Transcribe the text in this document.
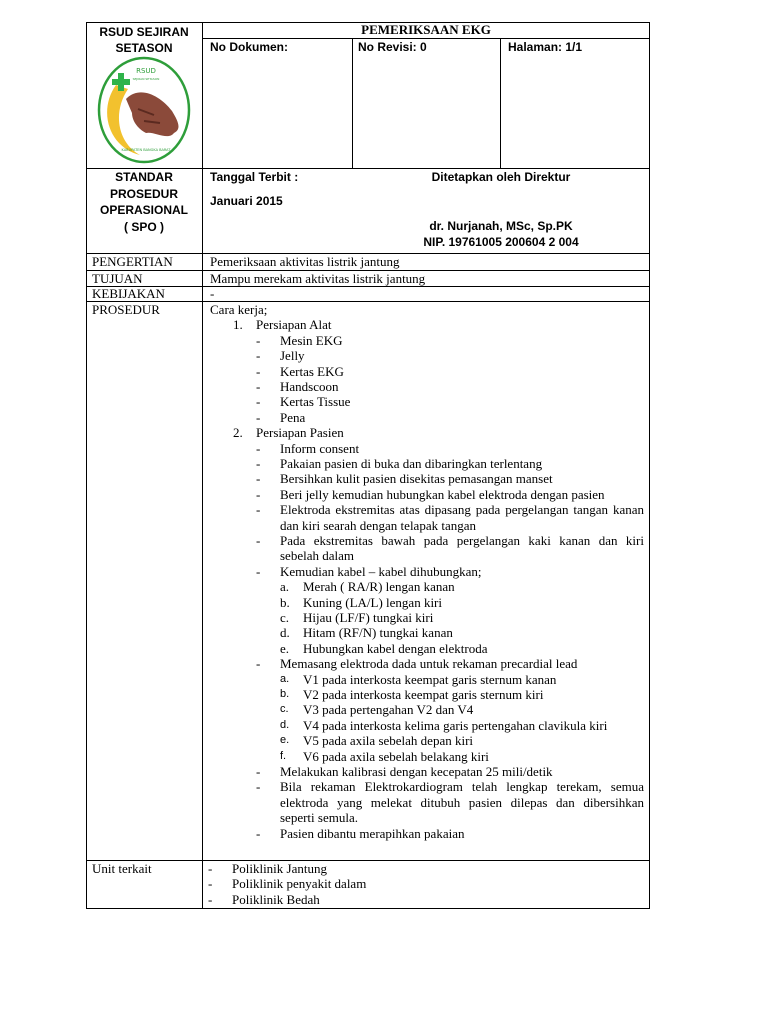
RSUD SEJIRAN SETASON
RSUD
SEJIRAN SETASON
KABUPATEN BANGKA BARAT
PEMERIKSAAN EKG
No Dokumen:	No Revisi: 0	Halaman: 1/1
STANDAR
PROSEDUR
OPERASIONAL
( SPO )
Tanggal Terbit :
Januari 2015
Ditetapkan oleh Direktur
dr. Nurjanah, MSc, Sp.PK
NIP. 19761005 200604 2 004
PENGERTIAN	Pemeriksaan aktivitas listrik jantung
TUJUAN	Mampu merekam aktivitas listrik jantung
KEBIJAKAN	-
PROSEDUR	Cara kerja;
1. Persiapan Alat
- Mesin EKG
- Jelly
- Kertas EKG
- Handscoon
- Kertas Tissue
- Pena
2. Persiapan Pasien
- Inform consent
- Pakaian pasien di buka dan dibaringkan terlentang
- Bersihkan kulit pasien disekitas pemasangan manset
- Beri jelly kemudian hubungkan kabel elektroda dengan pasien
- Elektroda ekstremitas atas dipasang pada pergelangan tangan kanan dan kiri searah dengan telapak tangan
- Pada ekstremitas bawah pada pergelangan kaki kanan dan kiri sebelah dalam
- Kemudian kabel – kabel dihubungkan;
a. Merah ( RA/R) lengan kanan
b. Kuning (LA/L) lengan kiri
c. Hijau (LF/F) tungkai kiri
d. Hitam (RF/N) tungkai kanan
e. Hubungkan kabel dengan elektroda
- Memasang elektroda dada untuk rekaman precardial lead
a. V1 pada interkosta keempat garis sternum kanan
b. V2 pada interkosta keempat garis sternum kiri
c. V3 pada pertengahan V2 dan V4
d. V4 pada interkosta kelima garis pertengahan clavikula kiri
e. V5 pada axila sebelah depan kiri
f. V6 pada axila sebelah belakang kiri
- Melakukan kalibrasi dengan kecepatan 25 mili/detik
- Bila rekaman Elektrokardiogram telah lengkap terekam, semua elektroda yang melekat ditubuh pasien dilepas dan dibersihkan seperti semula.
- Pasien dibantu merapihkan pakaian
Unit terkait	- Poliklinik Jantung
- Poliklinik penyakit dalam
- Poliklinik Bedah
